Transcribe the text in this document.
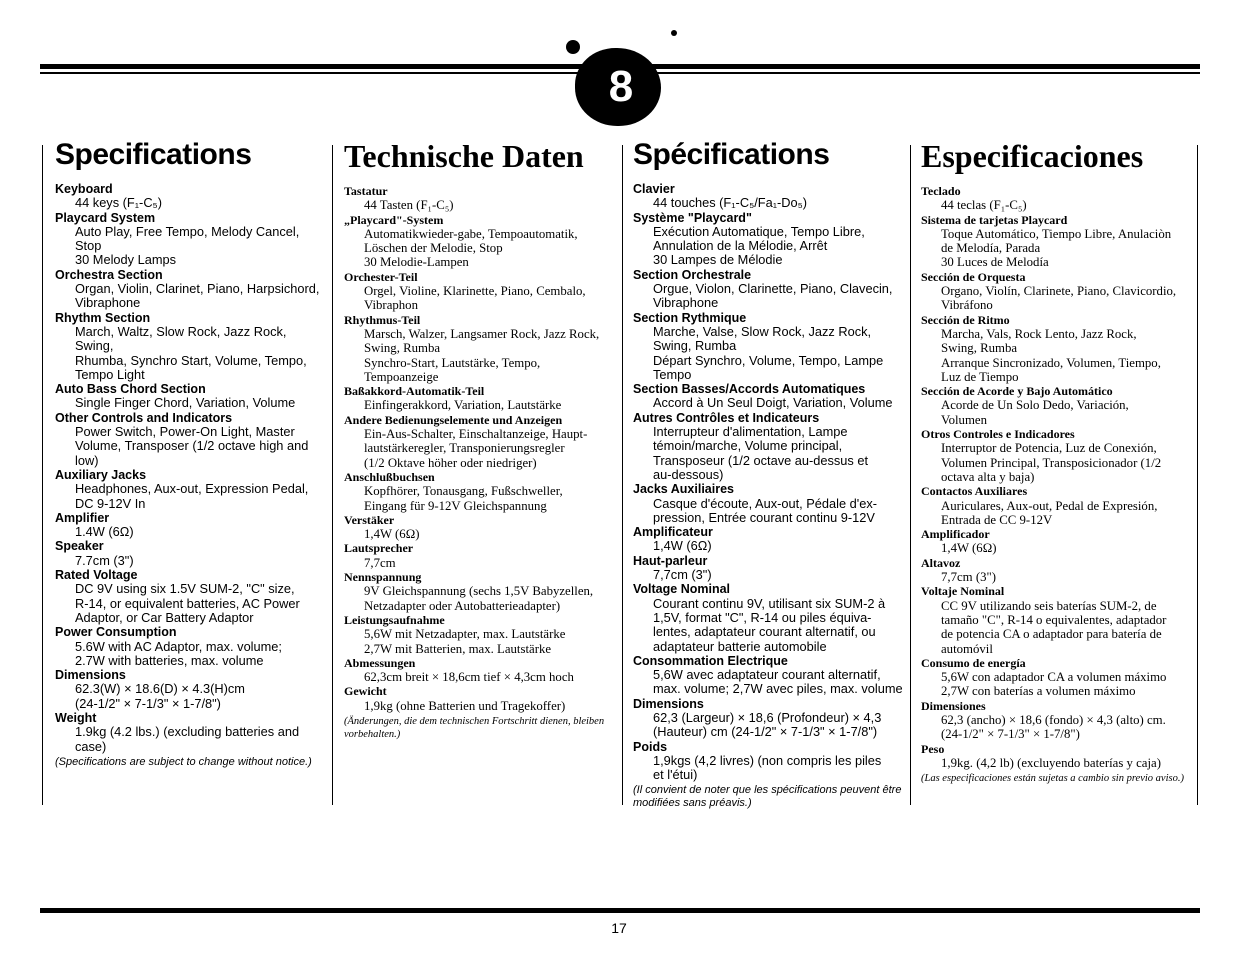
8
Specifications
Keyboard
44 keys (F₁-C₅)
Playcard System
Auto Play, Free Tempo, Melody Cancel, Stop
30 Melody Lamps
Orchestra Section
Organ, Violin, Clarinet, Piano, Harpsichord,
Vibraphone
Rhythm Section
March, Waltz, Slow Rock, Jazz Rock, Swing,
Rhumba, Synchro Start, Volume, Tempo,
Tempo Light
Auto Bass Chord Section
Single Finger Chord, Variation, Volume
Other Controls and Indicators
Power Switch, Power-On Light, Master
Volume, Transposer (1/2 octave high and low)
Auxiliary Jacks
Headphones, Aux-out, Expression Pedal,
DC 9-12V In
Amplifier
1.4W (6Ω)
Speaker
7.7cm (3")
Rated Voltage
DC 9V using six 1.5V SUM-2, "C" size,
R-14, or equivalent batteries, AC Power
Adaptor, or Car Battery Adaptor
Power Consumption
5.6W with AC Adaptor, max. volume;
2.7W with batteries, max. volume
Dimensions
62.3(W) × 18.6(D) × 4.3(H)cm
(24-1/2" × 7-1/3" × 1-7/8")
Weight
1.9kg (4.2 lbs.) (excluding batteries and case)
(Specifications are subject to change without notice.)
Technische Daten
Tastatur
44 Tasten (F₁-C₅)
„Playcard"-System
Automatikwieder-gabe, Tempoautomatik,
Löschen der Melodie, Stop
30 Melodie-Lampen
Orchester-Teil
Orgel, Violine, Klarinette, Piano, Cembalo,
Vibraphon
Rhythmus-Teil
Marsch, Walzer, Langsamer Rock, Jazz Rock,
Swing, Rumba
Synchro-Start, Lautstärke, Tempo,
Tempoanzeige
Baßakkord-Automatik-Teil
Einfingerakkord, Variation, Lautstärke
Andere Bedienungselemente und Anzeigen
Ein-Aus-Schalter, Einschaltanzeige, Haupt-
lautstärkeregler, Transponierungsregler
(1/2 Oktave höher oder niedriger)
Anschlußbuchsen
Kopfhörer, Tonausgang, Fußschweller,
Eingang für 9-12V Gleichspannung
Verstäker
1,4W (6Ω)
Lautsprecher
7,7cm
Nennspannung
9V Gleichspannung (sechs 1,5V Babyzellen,
Netzadapter oder Autobatterieadapter)
Leistungsaufnahme
5,6W mit Netzadapter, max. Lautstärke
2,7W mit Batterien, max. Lautstärke
Abmessungen
62,3cm breit × 18,6cm tief × 4,3cm hoch
Gewicht
1,9kg (ohne Batterien und Tragekoffer)
(Änderungen, die dem technischen Fortschritt dienen, bleiben vorbehalten.)
Spécifications
Clavier
44 touches (F₁-C₅/Fa₁-Do₅)
Système "Playcard"
Exécution Automatique, Tempo Libre,
Annulation de la Mélodie, Arrêt
30 Lampes de Mélodie
Section Orchestrale
Orgue, Violon, Clarinette, Piano, Clavecin,
Vibraphone
Section Rythmique
Marche, Valse, Slow Rock, Jazz Rock,
Swing, Rumba
Départ Synchro, Volume, Tempo, Lampe
Tempo
Section Basses/Accords Automatiques
Accord à Un Seul Doigt, Variation, Volume
Autres Contrôles et Indicateurs
Interrupteur d'alimentation, Lampe
témoin/marche, Volume principal,
Transposeur (1/2 octave au-dessus et
au-dessous)
Jacks Auxiliaires
Casque d'écoute, Aux-out, Pédale d'ex-
pression, Entrée courant continu 9-12V
Amplificateur
1,4W (6Ω)
Haut-parleur
7,7cm (3")
Voltage Nominal
Courant continu 9V, utilisant six SUM-2 à
1,5V, format "C", R-14 ou piles équiva-
lentes, adaptateur courant alternatif, ou
adaptateur batterie automobile
Consommation Electrique
5,6W avec adaptateur courant alternatif,
max. volume; 2,7W avec piles, max. volume
Dimensions
62,3 (Largeur) × 18,6 (Profondeur) × 4,3
(Hauteur) cm (24-1/2" × 7-1/3" × 1-7/8")
Poids
1,9kgs (4,2 livres) (non compris les piles
et l'étui)
(Il convient de noter que les spécifications peuvent être modifiées sans préavis.)
Especificaciones
Teclado
44 teclas (F₁-C₅)
Sistema de tarjetas Playcard
Toque Automático, Tiempo Libre, Anulaciòn
de Melodía, Parada
30 Luces de Melodía
Sección de Orquesta
Organo, Violín, Clarinete, Piano, Clavicordio,
Vibráfono
Sección de Ritmo
Marcha, Vals, Rock Lento, Jazz Rock,
Swing, Rumba
Arranque Sincronizado, Volumen, Tiempo,
Luz de Tiempo
Sección de Acorde y Bajo Automático
Acorde de Un Solo Dedo, Variación,
Volumen
Otros Controles e Indicadores
Interruptor de Potencia, Luz de Conexión,
Volumen Principal, Transposicionador (1/2
octava alta y baja)
Contactos Auxiliares
Auriculares, Aux-out, Pedal de Expresión,
Entrada de CC 9-12V
Amplificador
1,4W (6Ω)
Altavoz
7,7cm (3")
Voltaje Nominal
CC 9V utilizando seis baterías SUM-2, de
tamaño "C", R-14 o equivalentes, adaptador
de potencia CA o adaptador para batería de
automóvil
Consumo de energía
5,6W con adaptador CA a volumen máximo
2,7W con baterías a volumen máximo
Dimensiones
62,3 (ancho) × 18,6 (fondo) × 4,3 (alto) cm.
(24-1/2" × 7-1/3" × 1-7/8")
Peso
1,9kg. (4,2 lb) (excluyendo baterías y caja)
(Las especificaciones están sujetas a cambio sin previo aviso.)
17
